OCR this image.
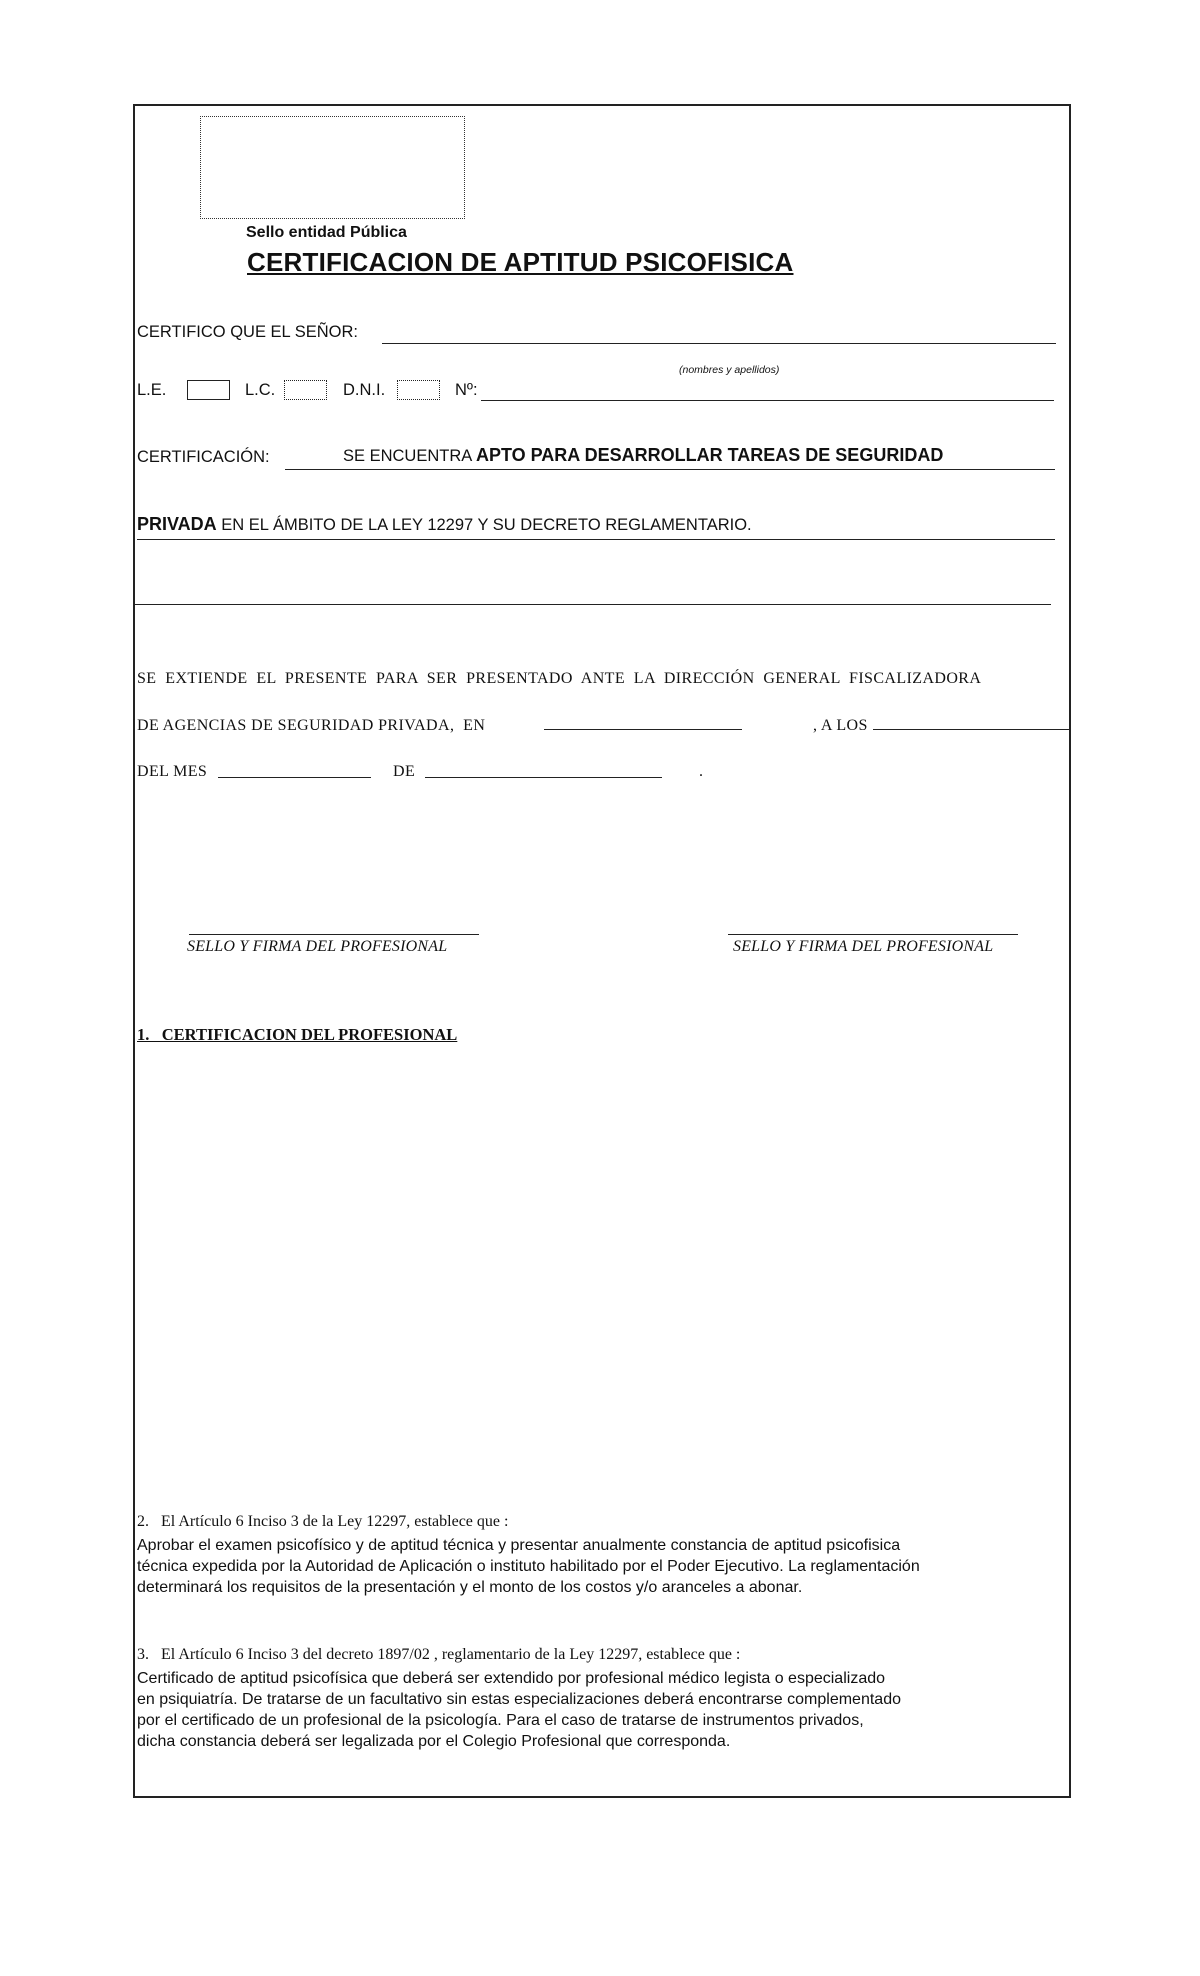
Sello entidad Pública
CERTIFICACION DE APTITUD PSICOFISICA
CERTIFICO QUE EL SEÑOR:
(nombres y apellidos)
L.E.	L.C.	D.N.I.	Nº:
CERTIFICACIÓN:	SE ENCUENTRA APTO PARA DESARROLLAR TAREAS DE SEGURIDAD
PRIVADA EN EL ÁMBITO DE LA LEY 12297 Y SU DECRETO REGLAMENTARIO.
SE  EXTIENDE  EL  PRESENTE  PARA  SER  PRESENTADO  ANTE  LA  DIRECCIÓN  GENERAL  FISCALIZADORA
DE AGENCIAS DE SEGURIDAD PRIVADA,  EN	, A LOS
DEL MES	DE	.
SELLO Y FIRMA DEL PROFESIONAL	SELLO Y FIRMA DEL PROFESIONAL
1.   CERTIFICACION DEL PROFESIONAL
2.   El Artículo 6 Inciso 3 de la Ley 12297, establece que :
Aprobar el examen psicofísico y de aptitud técnica y presentar anualmente constancia de aptitud psicofisica
técnica expedida por la Autoridad de Aplicación o instituto habilitado por el Poder Ejecutivo. La reglamentación
determinará los requisitos de la presentación y el monto de los costos y/o aranceles a abonar.
3.   El Artículo 6 Inciso 3 del decreto 1897/02 , reglamentario de la Ley 12297, establece que :
Certificado de aptitud psicofísica que deberá ser extendido por profesional médico legista o especializado
en psiquiatría. De tratarse de un facultativo sin estas especializaciones deberá encontrarse complementado
por el certificado de un profesional de la psicología. Para el caso de tratarse de instrumentos privados,
dicha constancia deberá ser legalizada por el Colegio Profesional que corresponda.
